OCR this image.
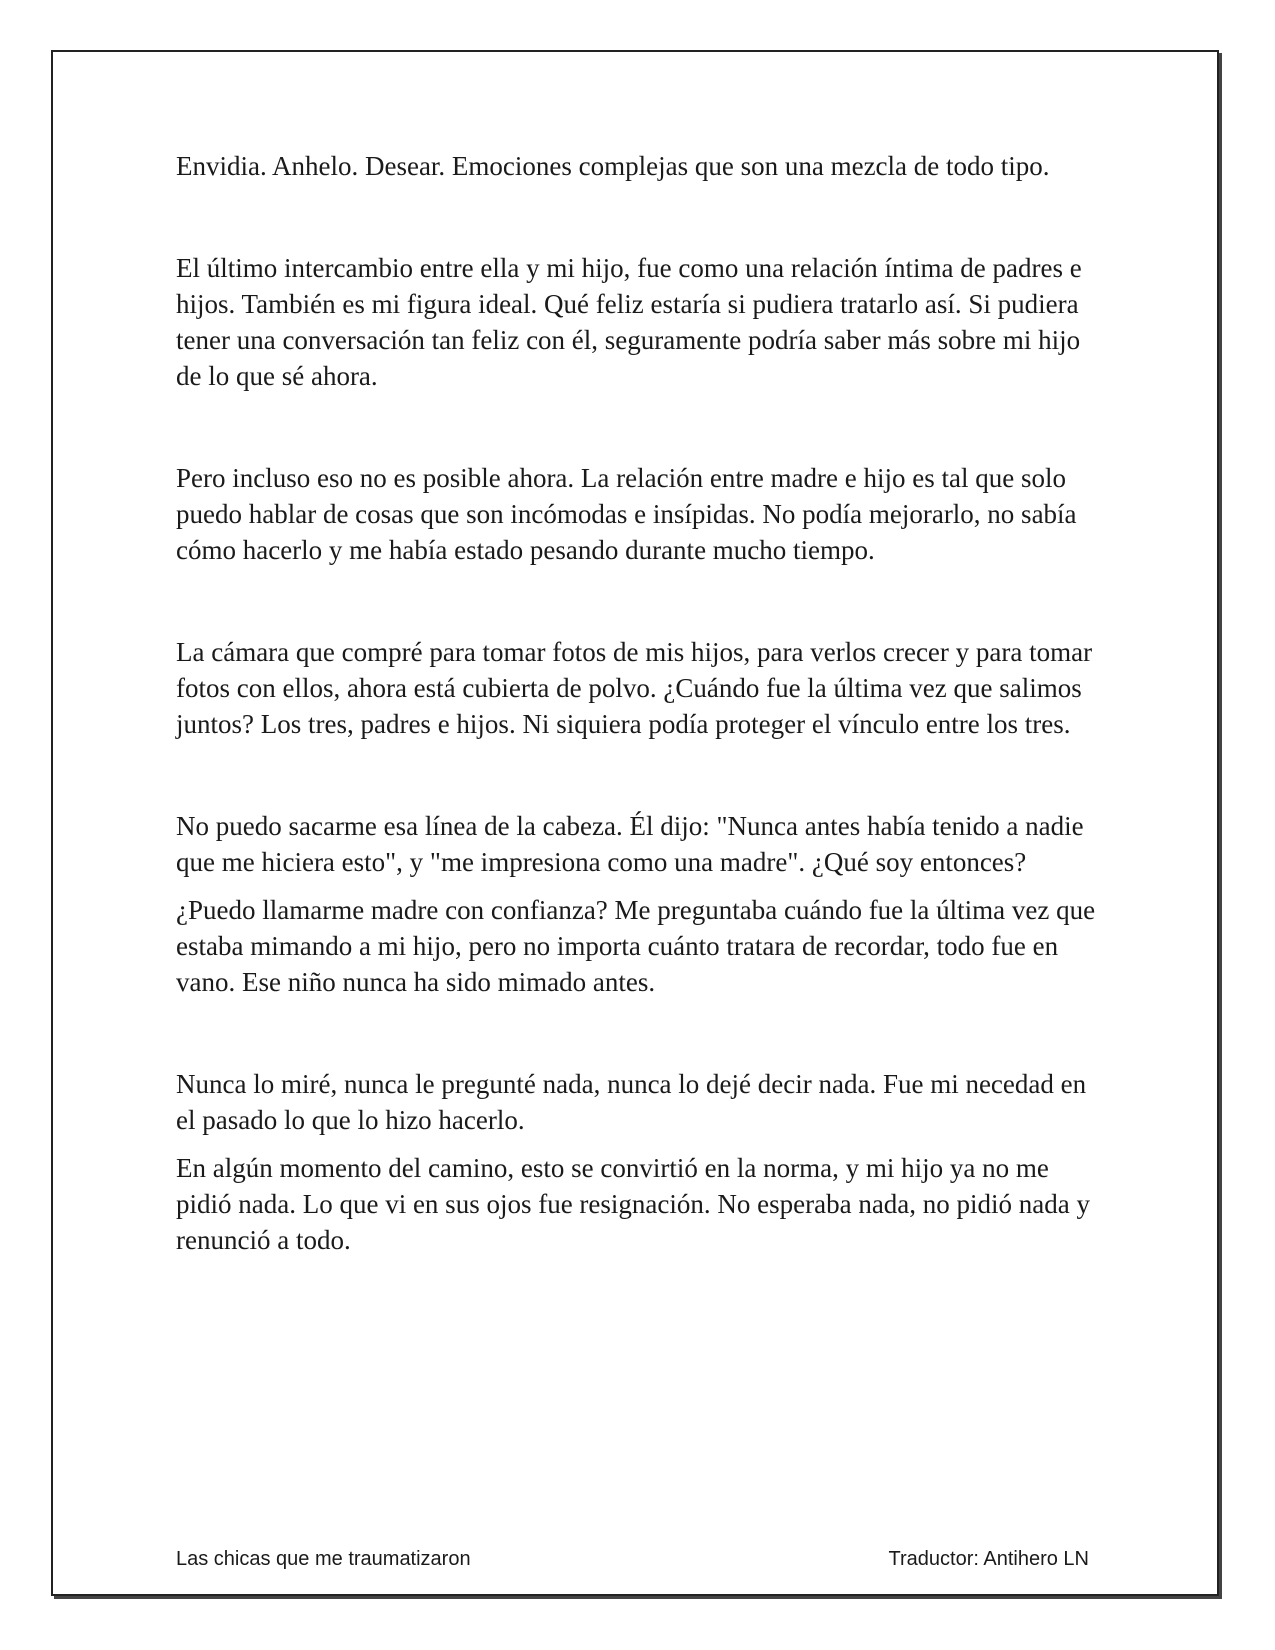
Envidia. Anhelo. Desear. Emociones complejas que son una mezcla de todo tipo.

El último intercambio entre ella y mi hijo, fue como una relación íntima de padres e hijos. También es mi figura ideal. Qué feliz estaría si pudiera tratarlo así. Si pudiera tener una conversación tan feliz con él, seguramente podría saber más sobre mi hijo de lo que sé ahora.

Pero incluso eso no es posible ahora. La relación entre madre e hijo es tal que solo puedo hablar de cosas que son incómodas e insípidas. No podía mejorarlo, no sabía cómo hacerlo y me había estado pesando durante mucho tiempo.

La cámara que compré para tomar fotos de mis hijos, para verlos crecer y para tomar fotos con ellos, ahora está cubierta de polvo. ¿Cuándo fue la última vez que salimos juntos? Los tres, padres e hijos. Ni siquiera podía proteger el vínculo entre los tres.

No puedo sacarme esa línea de la cabeza. Él dijo: "Nunca antes había tenido a nadie que me hiciera esto", y "me impresiona como una madre". ¿Qué soy entonces?

¿Puedo llamarme madre con confianza? Me preguntaba cuándo fue la última vez que estaba mimando a mi hijo, pero no importa cuánto tratara de recordar, todo fue en vano. Ese niño nunca ha sido mimado antes.

Nunca lo miré, nunca le pregunté nada, nunca lo dejé decir nada. Fue mi necedad en el pasado lo que lo hizo hacerlo.

En algún momento del camino, esto se convirtió en la norma, y mi hijo ya no me pidió nada. Lo que vi en sus ojos fue resignación. No esperaba nada, no pidió nada y renunció a todo.

Las chicas que me traumatizaron	Traductor: Antihero LN
